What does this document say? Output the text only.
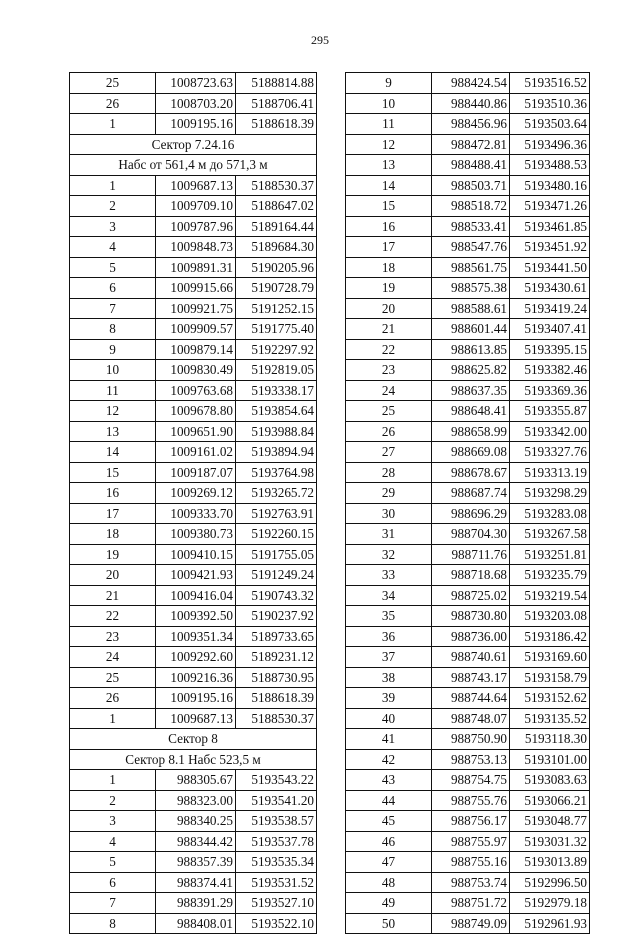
295
25	1008723.63	5188814.88
26	1008703.20	5188706.41
1	1009195.16	5188618.39
Сектор 7.24.16		
Набс от 561,4 м до 571,3 м		
1	1009687.13	5188530.37
2	1009709.10	5188647.02
3	1009787.96	5189164.44
4	1009848.73	5189684.30
5	1009891.31	5190205.96
6	1009915.66	5190728.79
7	1009921.75	5191252.15
8	1009909.57	5191775.40
9	1009879.14	5192297.92
10	1009830.49	5192819.05
11	1009763.68	5193338.17
12	1009678.80	5193854.64
13	1009651.90	5193988.84
14	1009161.02	5193894.94
15	1009187.07	5193764.98
16	1009269.12	5193265.72
17	1009333.70	5192763.91
18	1009380.73	5192260.15
19	1009410.15	5191755.05
20	1009421.93	5191249.24
21	1009416.04	5190743.32
22	1009392.50	5190237.92
23	1009351.34	5189733.65
24	1009292.60	5189231.12
25	1009216.36	5188730.95
26	1009195.16	5188618.39
1	1009687.13	5188530.37
Сектор 8		
Сектор 8.1 Набс 523,5 м		
1	988305.67	5193543.22
2	988323.00	5193541.20
3	988340.25	5193538.57
4	988344.42	5193537.78
5	988357.39	5193535.34
6	988374.41	5193531.52
7	988391.29	5193527.10
8	988408.01	5193522.10
9	988424.54	5193516.52
10	988440.86	5193510.36
11	988456.96	5193503.64
12	988472.81	5193496.36
13	988488.41	5193488.53
14	988503.71	5193480.16
15	988518.72	5193471.26
16	988533.41	5193461.85
17	988547.76	5193451.92
18	988561.75	5193441.50
19	988575.38	5193430.61
20	988588.61	5193419.24
21	988601.44	5193407.41
22	988613.85	5193395.15
23	988625.82	5193382.46
24	988637.35	5193369.36
25	988648.41	5193355.87
26	988658.99	5193342.00
27	988669.08	5193327.76
28	988678.67	5193313.19
29	988687.74	5193298.29
30	988696.29	5193283.08
31	988704.30	5193267.58
32	988711.76	5193251.81
33	988718.68	5193235.79
34	988725.02	5193219.54
35	988730.80	5193203.08
36	988736.00	5193186.42
37	988740.61	5193169.60
38	988743.17	5193158.79
39	988744.64	5193152.62
40	988748.07	5193135.52
41	988750.90	5193118.30
42	988753.13	5193101.00
43	988754.75	5193083.63
44	988755.76	5193066.21
45	988756.17	5193048.77
46	988755.97	5193031.32
47	988755.16	5193013.89
48	988753.74	5192996.50
49	988751.72	5192979.18
50	988749.09	5192961.93
